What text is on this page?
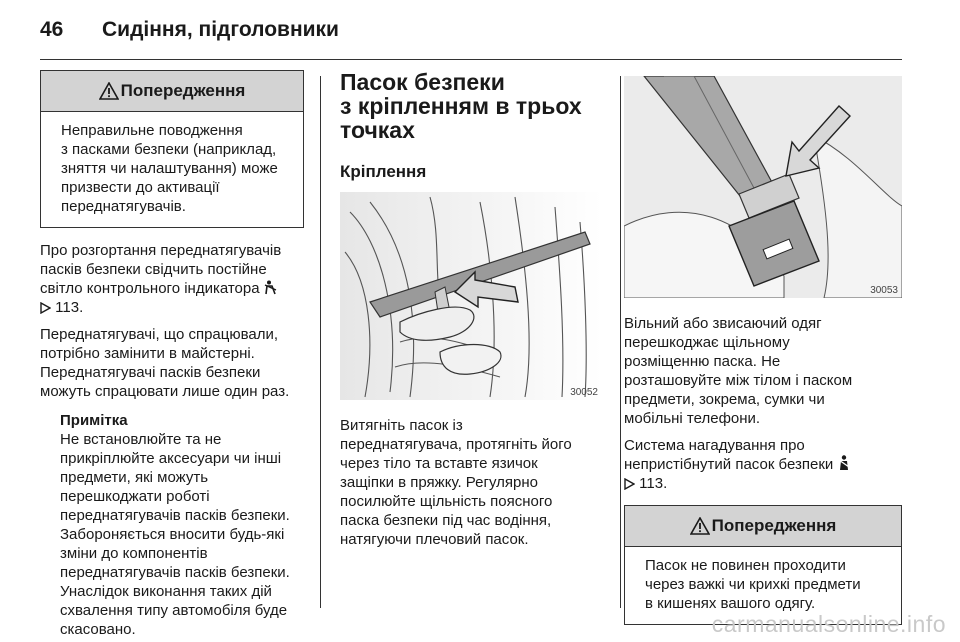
46 Сидіння, підголовники
Попередження
Неправильне поводження
з пасками безпеки (наприклад,
зняття чи налаштування) може
призвести до активації
переднатягувачів.

Про розгортання переднатягувачів

пасків безпеки свідчить постійне

світло контрольного індикатора

113.

Переднатягувачі, що спрацювали,

потрібно замінити в майстерні.

Переднатягувачі пасків безпеки

можуть спрацювати лише один раз.

Примітка

Не встановлюйте та не

прикріплюйте аксесуари чи інші

предмети, які можуть

перешкоджати роботі

переднатягувачів пасків безпеки.

Забороняється вносити будь-які

зміни до компонентів

переднатягувачів пасків безпеки.

Унаслідок виконання таких дій

схвалення типу автомобіля буде

скасовано.

Пасок безпеки
з кріпленням в трьох
точках
Кріплення
30052

Витягніть пасок із

переднатягувача, протягніть його

через тіло та вставте язичок

защіпки в пряжку. Регулярно

посилюйте щільність поясного

паска безпеки під час водіння,

натягуючи плечовий пасок.

30053

Вільний або звисаючий одяг

перешкоджає щільному

розміщенню паска. Не

розташовуйте між тілом і паском

предмети, зокрема, сумки чи

мобільні телефони.

Система нагадування про

непристібнутий пасок безпеки

113.

Попередження
Пасок не повинен проходити
через важкі чи крихкі предмети
в кишенях вашого одягу.
carmanualsonline.info
